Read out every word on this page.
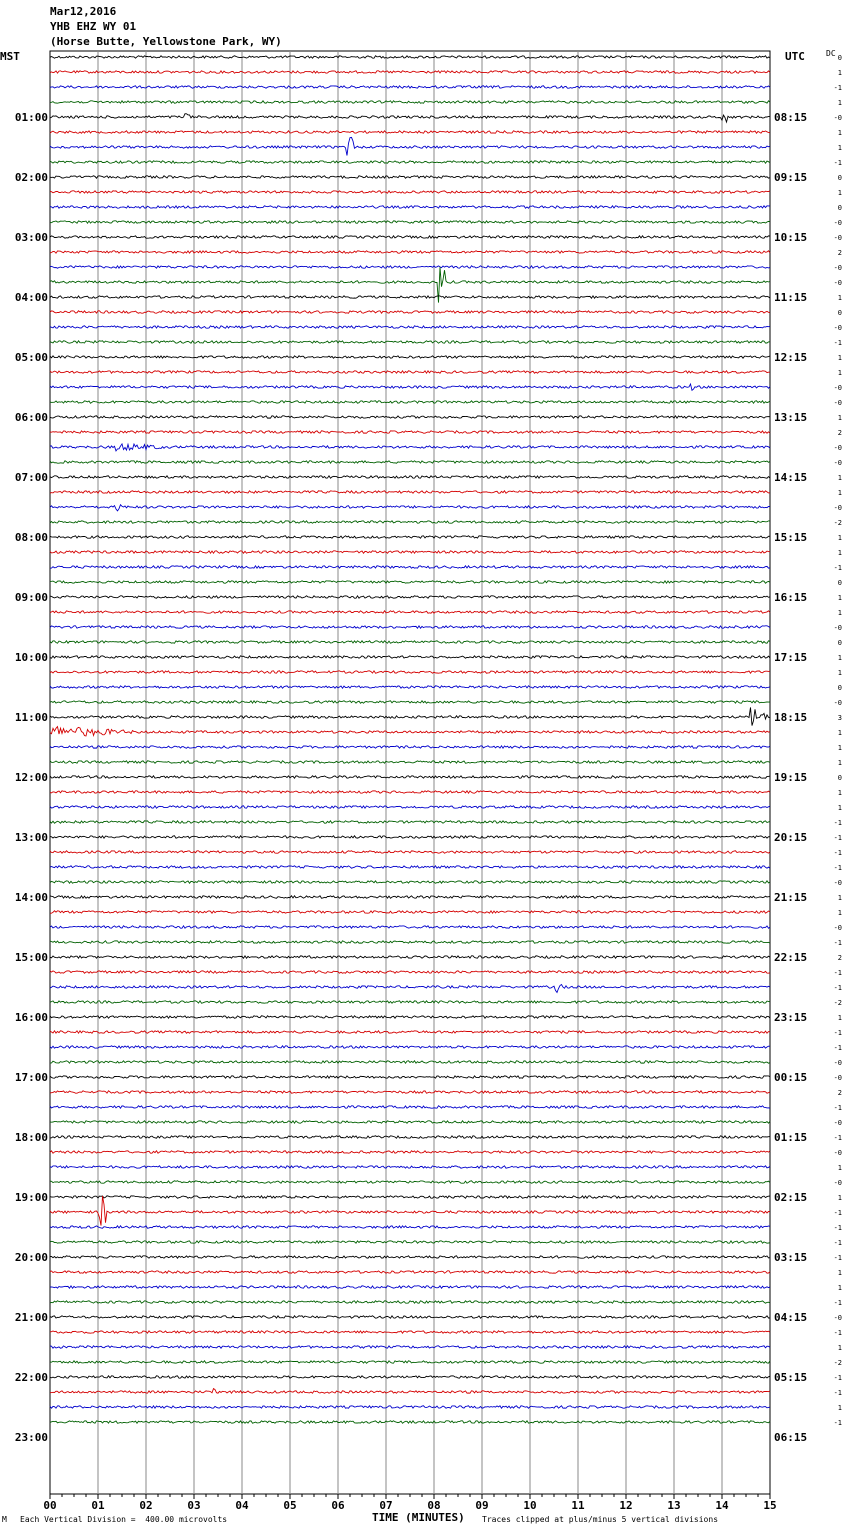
Mar12,2016
YHB EHZ WY 01
(Horse Butte, Yellowstone Park, WY)
MST	UTC	DC
00	01	02	03	04	05	06	07	08	09	10	11	12	13	14	15
0
1
-1
1
-0
1
1
-1
0
1
0
-0
-0
2
-0
-0
1
0
-0
-1
1
1
-0
-0
1
2
-0
-0
1
1
-0
-2
1
1
-1
0
1
1
-0
0
1
1
0
-0
3
1
1
1
0
1
1
-1
-1
-1
-1
-0
1
1
-0
-1
2
-1
-1
-2
1
-1
-1
-0
-0
2
-1
-0
-1
-0
1
-0
1
-1
-1
-1
-1
1
1
-1
-0
-1
1
-2
-1
-1
1
-1
01:00	08:15
02:00	09:15
03:00	10:15
04:00	11:15
05:00	12:15
06:00	13:15
07:00	14:15
08:00	15:15
09:00	16:15
10:00	17:15
11:00	18:15
12:00	19:15
13:00	20:15
14:00	21:15
15:00	22:15
16:00	23:15
17:00	00:15
18:00	01:15
19:00	02:15
20:00	03:15
21:00	04:15
22:00	05:15
23:00	06:15
M Each Vertical Division =  400.00 microvolts	TIME (MINUTES) Traces clipped at plus/minus 5 vertical divisions
